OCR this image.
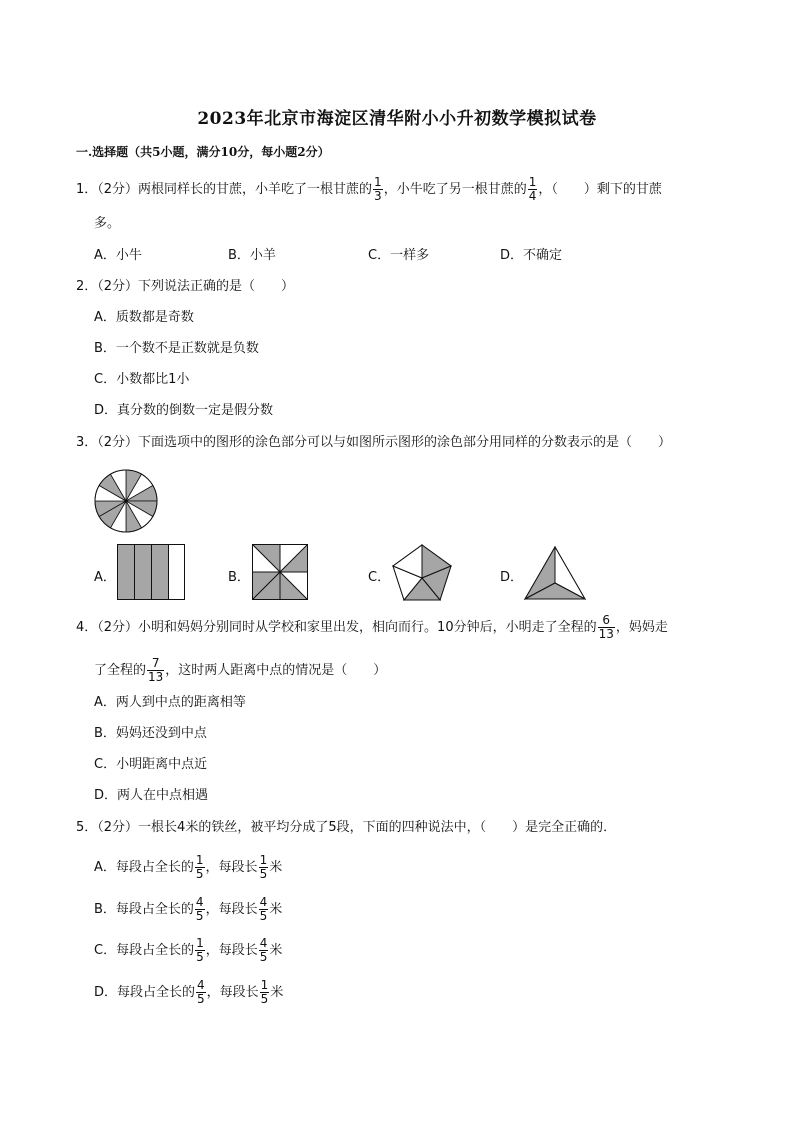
2023年北京市海淀区清华附小小升初数学模拟试卷
一.选择题（共5小题，满分10分，每小题2分）
1．（2分）两根同样长的甘蔗，小羊吃了一根甘蔗的 $\frac{1}{3}$ ，小牛吃了另一根甘蔗的 $\frac{1}{4}$ ，（　　）剩下的甘蔗
多。
A．小牛	B．小羊	C．一样多	D．不确定
2．（2分）下列说法正确的是（　　）
A．质数都是奇数
B．一个数不是正数就是负数
C．小数都比1小
D．真分数的倒数一定是假分数
3．（2分）下面选项中的图形的涂色部分可以与如图所示图形的涂色部分用同样的分数表示的是（　　）
A．	B．	C．	D．
4．（2分）小明和妈妈分别同时从学校和家里出发，相向而行。10分钟后，小明走了全程的 $\frac{6}{13}$ ，妈妈走
了全程的 $\frac{7}{13}$ ，这时两人距离中点的情况是（　　）
A．两人到中点的距离相等
B．妈妈还没到中点
C．小明距离中点近
D．两人在中点相遇
5．（2分）一根长4米的铁丝，被平均分成了5段，下面的四种说法中，（　　）是完全正确的．
A．每段占全长的 $\frac{1}{5}$ ，每段长 $\frac{1}{5}$ 米
B．每段占全长的 $\frac{4}{5}$ ，每段长 $\frac{4}{5}$ 米
C．每段占全长的 $\frac{1}{5}$ ，每段长 $\frac{4}{5}$ 米
D．每段占全长的 $\frac{4}{5}$ ，每段长 $\frac{1}{5}$ 米
